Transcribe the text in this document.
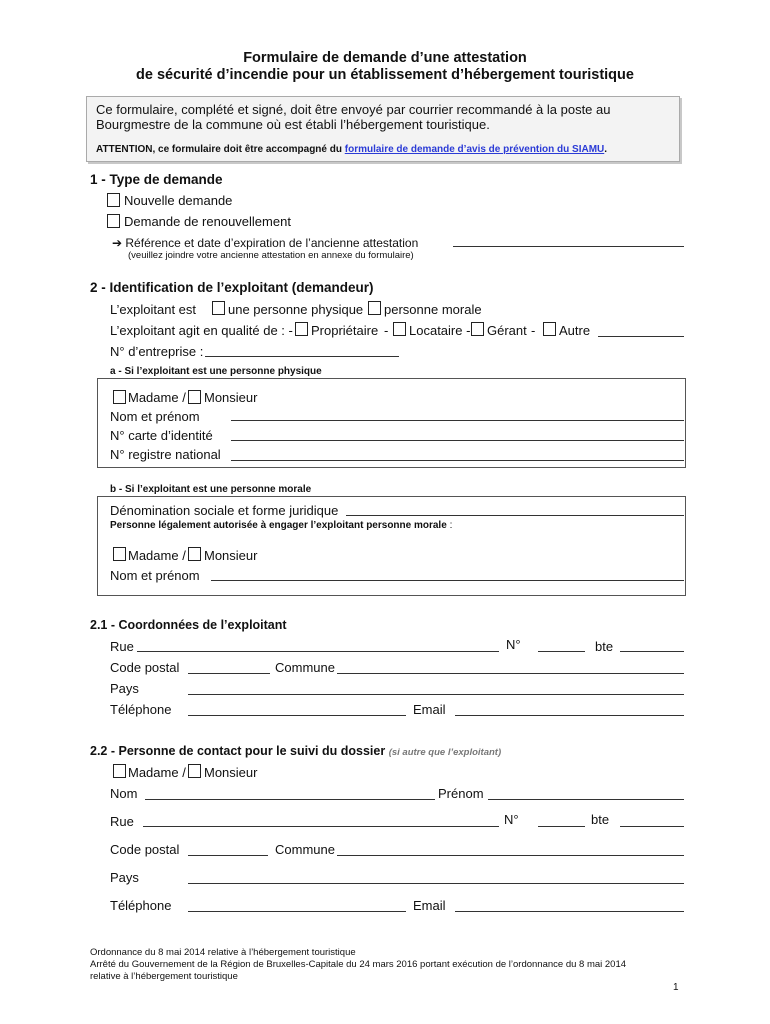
Formulaire de demande d’une attestation
de sécurité d’incendie pour un établissement d’hébergement touristique
Ce formulaire, complété et signé, doit être envoyé par courrier recommandé à la poste au
Bourgmestre de la commune où est établi l’hébergement touristique.
ATTENTION, ce formulaire doit être accompagné du formulaire de demande d’avis de prévention du SIAMU.
1 - Type de demande
Nouvelle demande
Demande de renouvellement
➔ Référence et date d’expiration de l’ancienne attestation
(veuillez joindre votre ancienne attestation en annexe du formulaire)
2 - Identification de l’exploitant (demandeur)
L’exploitant est une personne physique personne morale
L’exploitant agit en qualité de : - Propriétaire - Locataire - Gérant - Autre
N° d’entreprise :
a - Si l’exploitant est une personne physique
Madame / Monsieur
Nom et prénom
N° carte d’identité
N° registre national
b - Si l’exploitant est une personne morale
Dénomination sociale et forme juridique
Personne légalement autorisée à engager l’exploitant personne morale :
Madame / Monsieur
Nom et prénom
2.1 - Coordonnées de l’exploitant
Rue	N°	bte
Code postal	Commune
Pays
Téléphone	Email
2.2 - Personne de contact pour le suivi du dossier (si autre que l’exploitant)
Madame / Monsieur
Nom	Prénom
Rue	N°	bte
Code postal	Commune
Pays
Téléphone	Email
Ordonnance du 8 mai 2014 relative à l’hébergement touristique
Arrêté du Gouvernement de la Région de Bruxelles-Capitale du 24 mars 2016 portant exécution de l’ordonnance du 8 mai 2014
relative à l’hébergement touristique
1
